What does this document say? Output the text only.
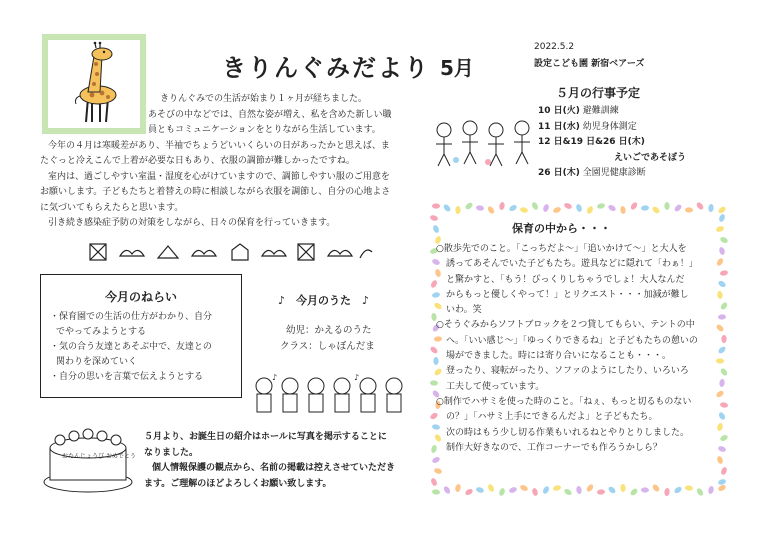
きりんぐみだより 5月
2022.5.2
設定こども園 新宿ベアーズ

きりんぐみでの生活が始まり１ヶ月が経ちました。

あそびの中などでは、自然な姿が増え、私を含めた新しい職

員ともコミュニケーションをとりながら生活しています。

今年の４月は寒暖差があり、半袖でちょうどいいくらいの日があったかと思えば、ま

たぐっと冷えこんで上着が必要な日もあり、衣服の調節が難しかったですね。

室内は、過ごしやすい室温・湿度を心がけていますので、調節しやすい服のご用意を

お願いします。子どもたちと着替えの時に相談しながら衣服を調節し、自分の心地よさ

に気づいてもらえたらと思います。

引き続き感染症予防の対策をしながら、日々の保育を行っていきます。

５月の行事予定
10 日(火) 避難訓練
11 日(水) 幼児身体測定
12 日&19 日&26 日(木)
えいごであそぼう
26 日(木) 全園児健康診断
今月のねらい

・保育園での生活の仕方がわかり、自分

でやってみようとする

・気の合う友達とあそぶ中で、友達との

関わりを深めていく

・自分の思いを言葉で伝えようとする

♪　今月のうた　♪
幼児：かえるのうた
クラス：しゃぼんだま
♪	♪
おたんじょうび おめでとう

５月より、お誕生日の紹介はホールに写真を掲示することに

なりました。

個人情報保護の観点から、名前の掲載は控えさせていただき

ます。ご理解のほどよろしくお願い致します。

保育の中から・・・

○散歩先でのこと。「こっちだよ～」「追いかけて～」と大人を

誘ってあそんでいた子どもたち。遊具などに隠れて「わぁ！」

と驚かすと、「もう！びっくりしちゃうでしょ！大人なんだ

からもっと優しくやって！」とリクエスト・・・加減が難し

いわ。笑

○そうぐみからソフトブロックを２つ貸してもらい、テントの中

へ。「いい感じ～」「ゆっくりできるね」と子どもたちの憩いの

場ができました。時には寄り合いになることも・・・。

登ったり、寝転がったり、ソファのようにしたり、いろいろ

工夫して使っています。

○制作でハサミを使った時のこと。「ねぇ、もっと切るものない

の？」「ハサミ上手にできるんだよ」と子どもたち。

次の時はもう少し切る作業もいれるねとやりとりしました。

制作大好きなので、工作コーナーでも作ろうかしら？
